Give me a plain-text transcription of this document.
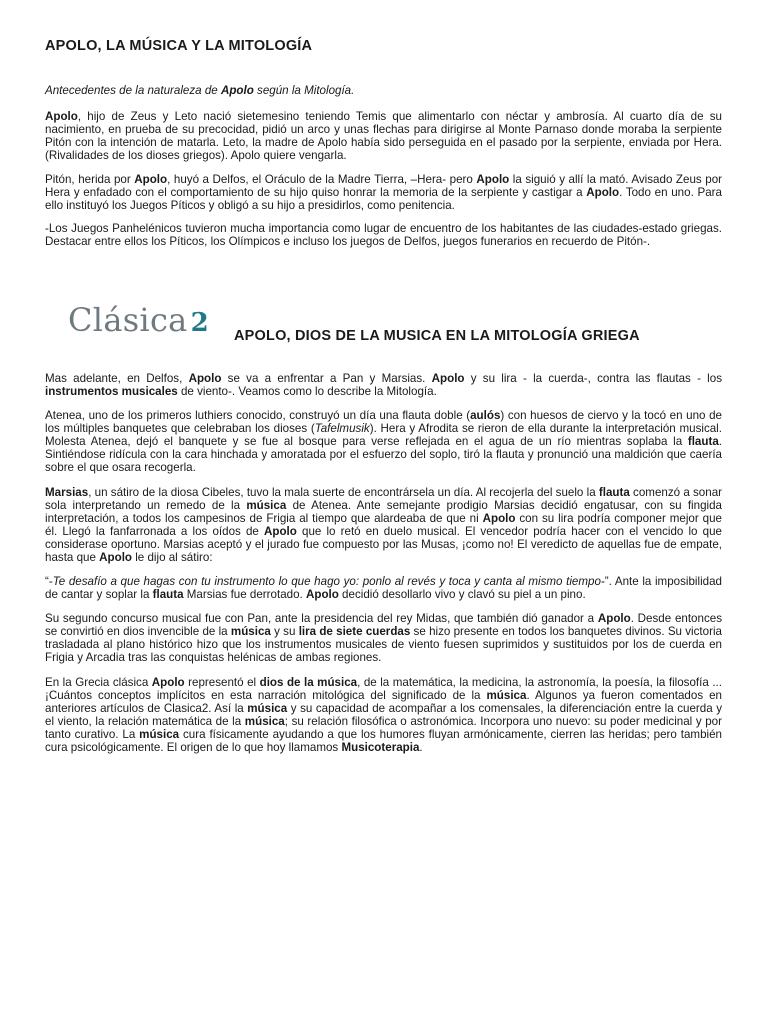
APOLO, LA MÚSICA Y LA MITOLOGÍA

Antecedentes de la naturaleza de Apolo según la Mitología.

Apolo, hijo de Zeus y Leto nació sietemesino teniendo Temis que alimentarlo con néctar y ambrosía. Al cuarto día de su nacimiento, en prueba de su precocidad, pidió un arco y unas flechas para dirigirse al Monte Parnaso donde moraba la serpiente Pitón con la intención de matarla. Leto, la madre de Apolo había sido perseguida en el pasado por la serpiente, enviada por Hera. (Rivalidades de los dioses griegos). Apolo quiere vengarla.

Pitón, herida por Apolo, huyó a Delfos, el Oráculo de la Madre Tierra, –Hera- pero Apolo la siguió y allí la mató. Avisado Zeus por Hera y enfadado con el comportamiento de su hijo quiso honrar la memoria de la serpiente y castigar a Apolo. Todo en uno. Para ello instituyó los Juegos Píticos y obligó a su hijo a presidirlos, como penitencia.

-Los Juegos Panhelénicos tuvieron mucha importancia como lugar de encuentro de los habitantes de las ciudades-estado griegas. Destacar entre ellos los Píticos, los Olímpicos e incluso los juegos de Delfos, juegos funerarios en recuerdo de Pitón-.

Clásica 2 APOLO, DIOS DE LA MUSICA EN LA MITOLOGÍA GRIEGA

Mas adelante, en Delfos, Apolo se va a enfrentar a Pan y Marsias. Apolo y su lira - la cuerda-, contra las flautas - los instrumentos musicales de viento-. Veamos como lo describe la Mitología.

Atenea, uno de los primeros luthiers conocido, construyó un día una flauta doble (aulós) con huesos de ciervo y la tocó en uno de los múltiples banquetes que celebraban los dioses (Tafelmusik). Hera y Afrodita se rieron de ella durante la interpretación musical. Molesta Atenea, dejó el banquete y se fue al bosque para verse reflejada en el agua de un río mientras soplaba la flauta. Sintiéndose ridícula con la cara hinchada y amoratada por el esfuerzo del soplo, tiró la flauta y pronunció una maldición que caería sobre el que osara recogerla.

Marsias, un sátiro de la diosa Cibeles, tuvo la mala suerte de encontrársela un día. Al recojerla del suelo la flauta comenzó a sonar sola interpretando un remedo de la música de Atenea. Ante semejante prodigio Marsias decidió engatusar, con su fingida interpretación, a todos los campesinos de Frigia al tiempo que alardeaba de que ni Apolo con su lira podría componer mejor que él. Llegó la fanfarronada a los oídos de Apolo que lo retó en duelo musical. El vencedor podría hacer con el vencido lo que considerase oportuno. Marsias aceptó y el jurado fue compuesto por las Musas, ¡como no! El veredicto de aquellas fue de empate, hasta que Apolo le dijo al sátiro:

“-Te desafío a que hagas con tu instrumento lo que hago yo: ponlo al revés y toca y canta al mismo tiempo-”. Ante la imposibilidad de cantar y soplar la flauta Marsias fue derrotado. Apolo decidió desollarlo vivo y clavó su piel a un pino.

Su segundo concurso musical fue con Pan, ante la presidencia del rey Midas, que también dió ganador a Apolo. Desde entonces se convirtió en dios invencible de la música y su lira de siete cuerdas se hizo presente en todos los banquetes divinos. Su victoria trasladada al plano histórico hizo que los instrumentos musicales de viento fuesen suprimidos y sustituidos por los de cuerda en Frigia y Arcadia tras las conquistas helénicas de ambas regiones.

En la Grecia clásica Apolo representó el dios de la música, de la matemática, la medicina, la astronomía, la poesía, la filosofía ...¡Cuántos conceptos implícitos en esta narración mitológica del significado de la música. Algunos ya fueron comentados en anteriores artículos de Clasica2. Así la música y su capacidad de acompañar a los comensales, la diferenciación entre la cuerda y el viento, la relación matemática de la música; su relación filosófica o astronómica. Incorpora uno nuevo: su poder medicinal y por tanto curativo. La música cura físicamente ayudando a que los humores fluyan armónicamente, cierren las heridas; pero también cura psicológicamente. El origen de lo que hoy llamamos Musicoterapia.
